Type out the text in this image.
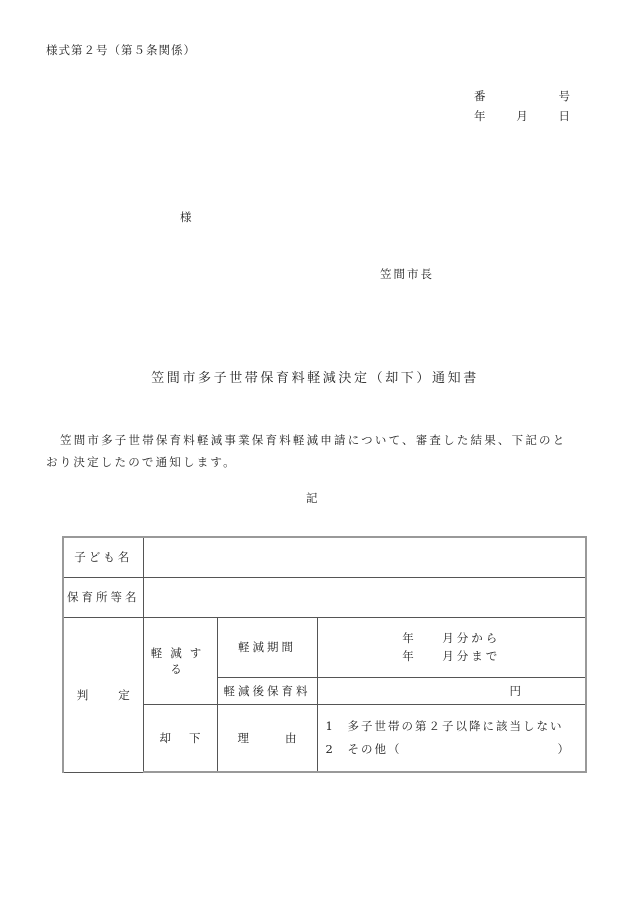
様式第２号（第５条関係）
番	号
年	月	日
様
笠間市長
笠間市多子世帯保育料軽減決定（却下）通知書

笠間市多子世帯保育料軽減事業保育料軽減申請について、審査した結果、下記のと

おり決定したので通知します。

記
子ども名			
保育所等名			
判 定	軽減する	軽減期間	年 月分から
年 月分まで

		軽減後保育料	円
	却 下	理 由	1 多子世帯の第２子以降に該当しない
2 その他（ ）
